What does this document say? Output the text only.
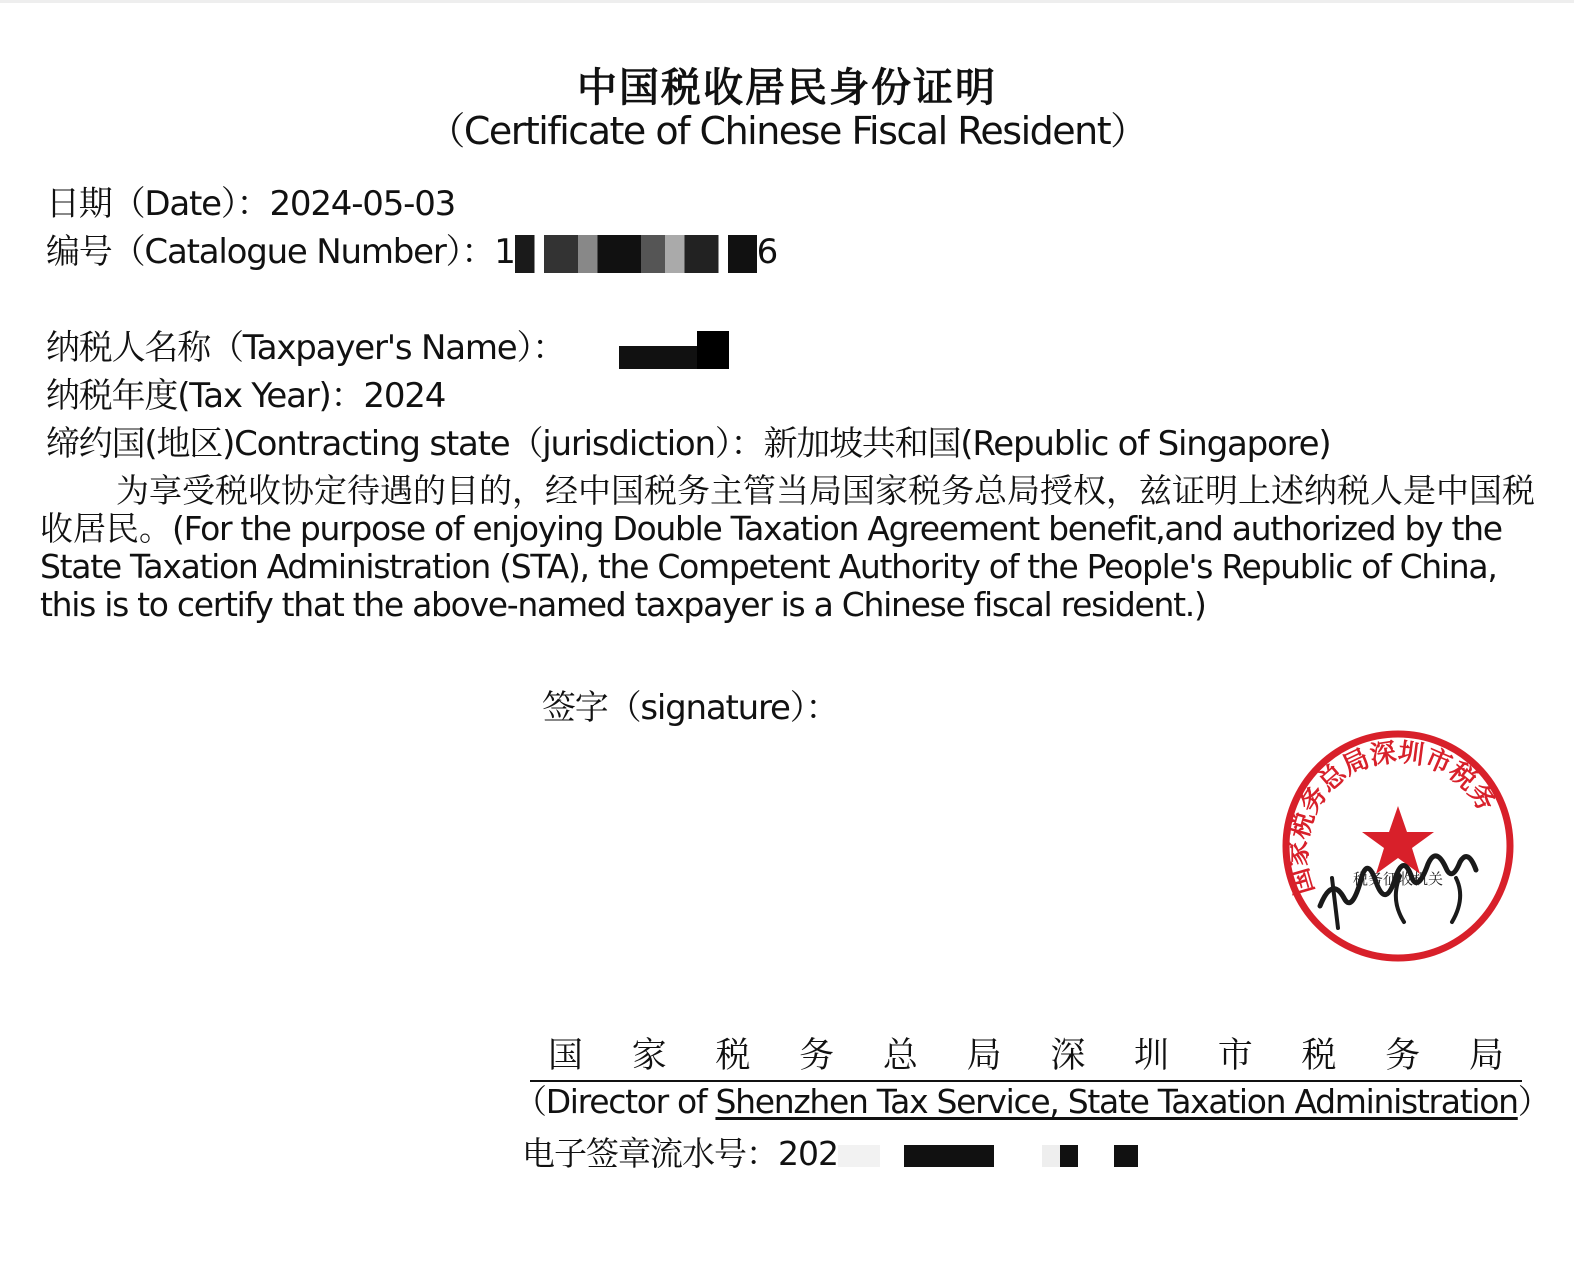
中国税收居民身份证明
（Certificate of Chinese Fiscal Resident）
日期（Date）：2024-05-03
编号（Catalogue Number）：1	6
纳税人名称（Taxpayer's Name）：
纳税年度(Tax Year)：2024
缔约国(地区)Contracting state（jurisdiction）：新加坡共和国(Republic of Singapore)
为享受税收协定待遇的目的，经中国税务主管当局国家税务总局授权，兹证明上述纳税人是中国税收居民。(For the purpose of enjoying Double Taxation Agreement benefit,and authorized by the State Taxation Administration (STA), the Competent Authority of the People's Republic of China, this is to certify that the above-named taxpayer is a Chinese fiscal resident.)
签字（signature）：
国家税务总局深圳市税务
税务征收机关
国 家 税 务 总 局 深 圳 市 税 务 局
（Director of Shenzhen Tax Service, State Taxation Administration）
电子签章流水号：202
